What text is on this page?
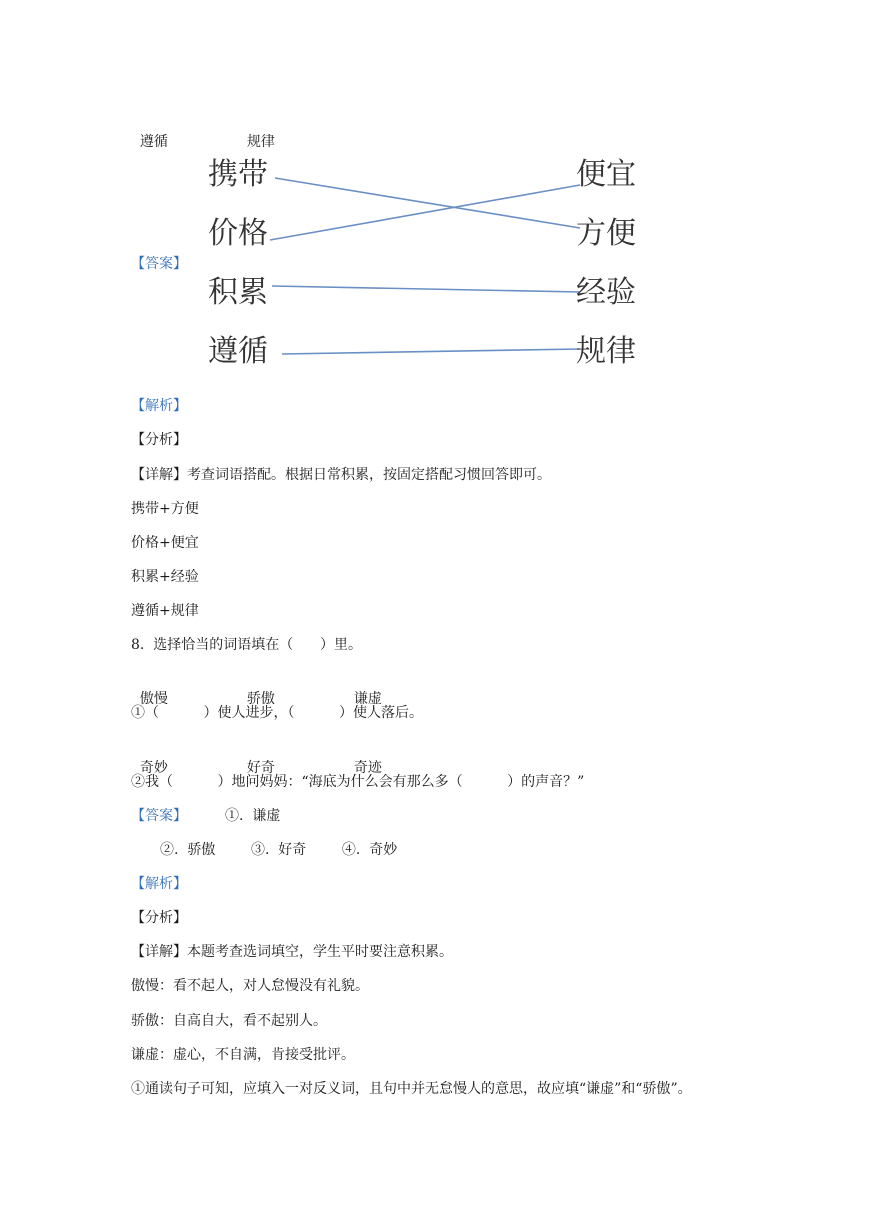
遵循	规律

携带
价格
积累
遵循
便宜
方便
经验
规律
【答案】
【解析】
【分析】
【详解】考查词语搭配。根据日常积累，按固定搭配习惯回答即可。
携带+方便
价格+便宜
积累+经验
遵循+规律
8.  选择恰当的词语填在（      ）里。

傲慢	骄傲	谦虚

①（          ）使人进步，（          ）使人落后。

奇妙	好奇	奇迹

②我（          ）地问妈妈：“海底为什么会有那么多（          ）的声音？”
【答案】	①.  谦虚
②.  骄傲        ③.  好奇        ④.  奇妙
【解析】
【分析】
【详解】本题考查选词填空，学生平时要注意积累。
傲慢：看不起人，对人怠慢没有礼貌。
骄傲：自高自大，看不起别人。
谦虚：虚心，不自满，肯接受批评。
①通读句子可知，应填入一对反义词，且句中并无怠慢人的意思，故应填“谦虚”和“骄傲”。
